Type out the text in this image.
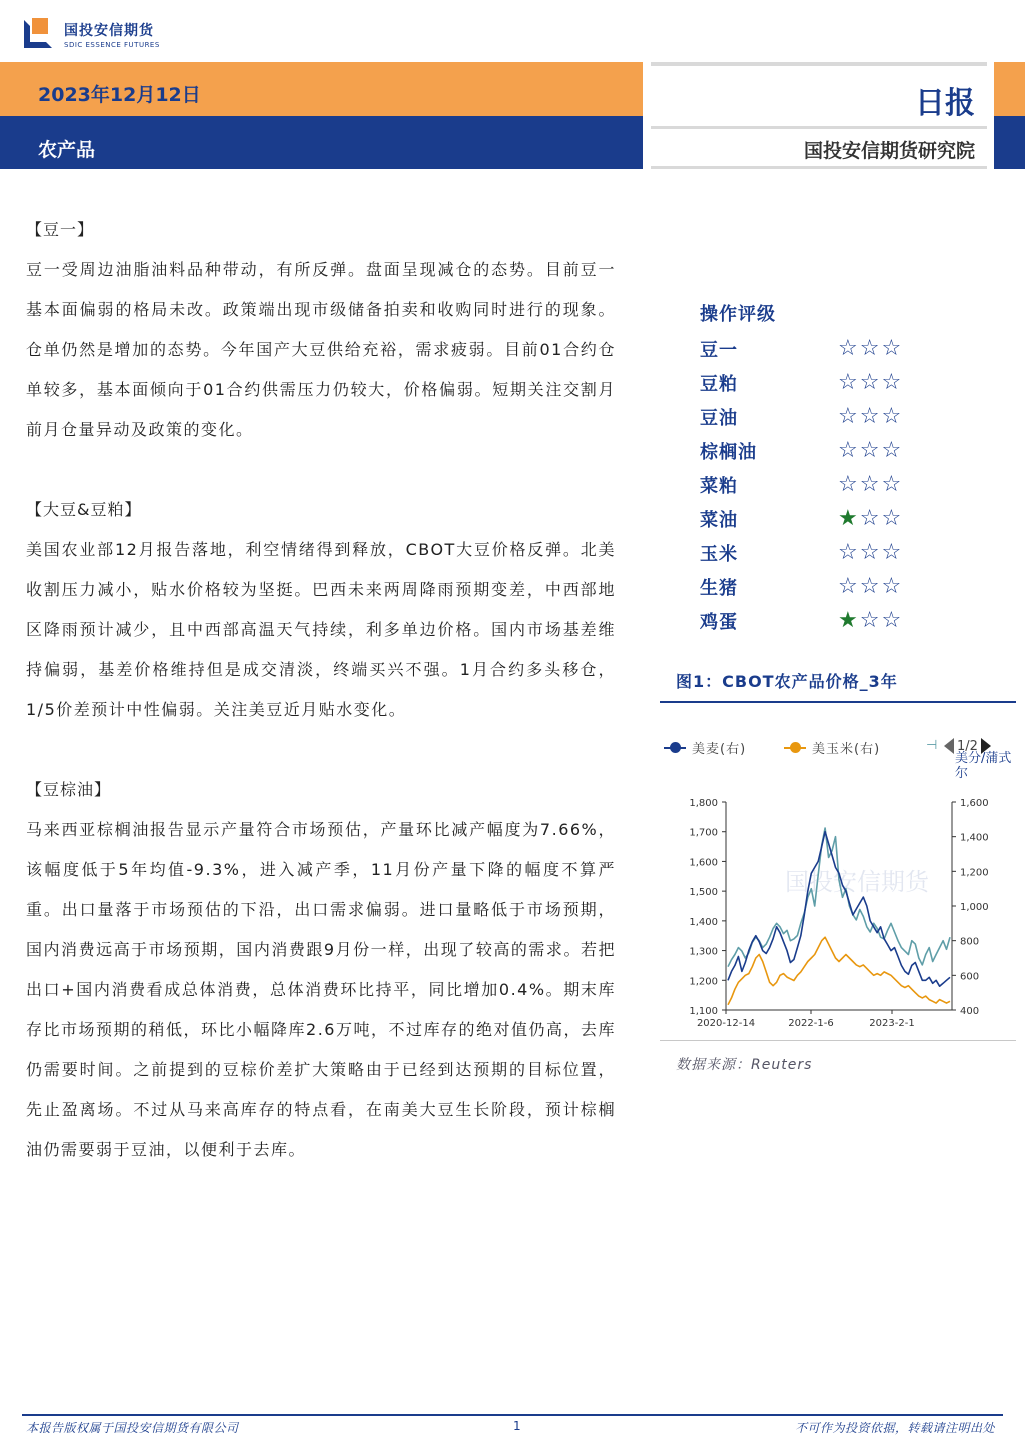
国投安信期货
SDIC ESSENCE FUTURES
2023年12月12日
农产品
日报
国投安信期货研究院
【豆一】
豆一受周边油脂油料品种带动，有所反弹。盘面呈现减仓的态势。目前豆一基本面偏弱的格局未改。政策端出现市级储备拍卖和收购同时进行的现象。仓单仍然是增加的态势。今年国产大豆供给充裕，需求疲弱。目前01合约仓单较多，基本面倾向于01合约供需压力仍较大，价格偏弱。短期关注交割月前月仓量异动及政策的变化。
【大豆&豆粕】
美国农业部12月报告落地，利空情绪得到释放，CBOT大豆价格反弹。北美收割压力减小，贴水价格较为坚挺。巴西未来两周降雨预期变差，中西部地区降雨预计减少，且中西部高温天气持续，利多单边价格。国内市场基差维持偏弱，基差价格维持但是成交清淡，终端买兴不强。1月合约多头移仓，1/5价差预计中性偏弱。关注美豆近月贴水变化。
【豆棕油】
马来西亚棕榈油报告显示产量符合市场预估，产量环比减产幅度为7.66%，该幅度低于5年均值-9.3%，进入减产季，11月份产量下降的幅度不算严重。出口量落于市场预估的下沿，出口需求偏弱。进口量略低于市场预期，国内消费远高于市场预期，国内消费跟9月份一样，出现了较高的需求。若把出口+国内消费看成总体消费，总体消费环比持平，同比增加0.4%。期末库存比市场预期的稍低，环比小幅降库2.6万吨，不过库存的绝对值仍高，去库仍需要时间。之前提到的豆棕价差扩大策略由于已经到达预期的目标位置，先止盈离场。不过从马来高库存的特点看，在南美大豆生长阶段，预计棕榈油仍需要弱于豆油，以便利于去库。
操作评级
豆一	☆ ☆ ☆
豆粕	☆ ☆ ☆
豆油	☆ ☆ ☆
棕榈油	☆ ☆ ☆
菜粕	☆ ☆ ☆
菜油	★ ☆ ☆
玉米	☆ ☆ ☆
生猪	☆ ☆ ☆
鸡蛋	★ ☆ ☆
图1：CBOT农产品价格_3年
美麦(右)	美玉米(右)	⊣ 1/2
美分/蒲式尔
国投安信期货
1,100
1,200
1,300
1,400
1,500
1,600
1,700
1,800
400
600
800
1,000
1,200
1,400
1,600
2020-12-14	2022-1-6	2023-2-1
数据来源：Reuters
本报告版权属于国投安信期货有限公司	1	不可作为投资依据，转载请注明出处
